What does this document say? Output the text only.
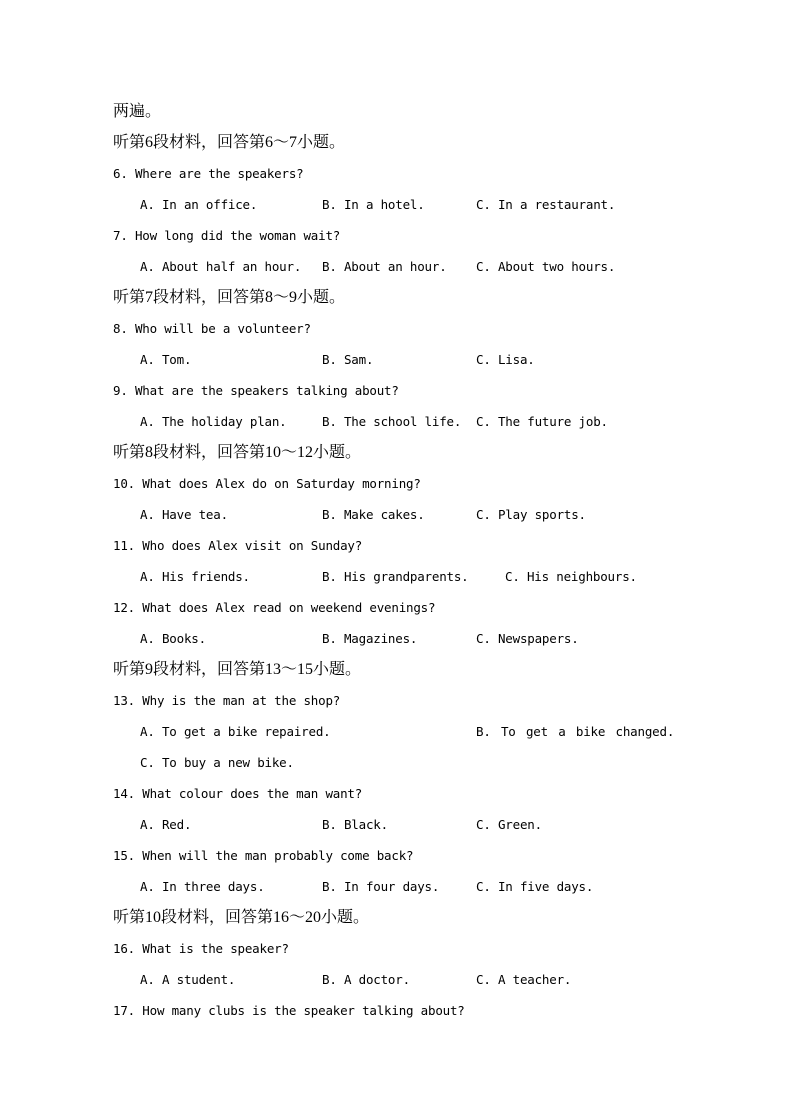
两遍。
听第6段材料，回答第6～7小题。
6. Where are the speakers?
A. In an office.	B. In a hotel.	C. In a restaurant.
7. How long did the woman wait?
A. About half an hour. B. About an hour. C. About two hours.
听第7段材料，回答第8～9小题。
8. Who will be a volunteer?
A. Tom.	B. Sam.	C. Lisa.
9. What are the speakers talking about?
A. The holiday plan.	B. The school life. C. The future job.
听第8段材料，回答第10～12小题。
10. What does Alex do on Saturday morning?
A. Have tea.	B. Make cakes.	C. Play sports.
11. Who does Alex visit on Sunday?
A. His friends.	B. His grandparents.	C. His neighbours.
12. What does Alex read on weekend evenings?
A. Books.	B. Magazines.	C. Newspapers.
听第9段材料，回答第13～15小题。
13. Why is the man at the shop?
A. To get a bike repaired.	B. To get a bike changed.
C. To buy a new bike.
14. What colour does the man want?
A. Red.	B. Black.	C. Green.
15. When will the man probably come back?
A. In three days.	B. In four days.	C. In five days.
听第10段材料，回答第16～20小题。
16. What is the speaker?
A. A student.	B. A doctor.	C. A teacher.
17. How many clubs is the speaker talking about?
